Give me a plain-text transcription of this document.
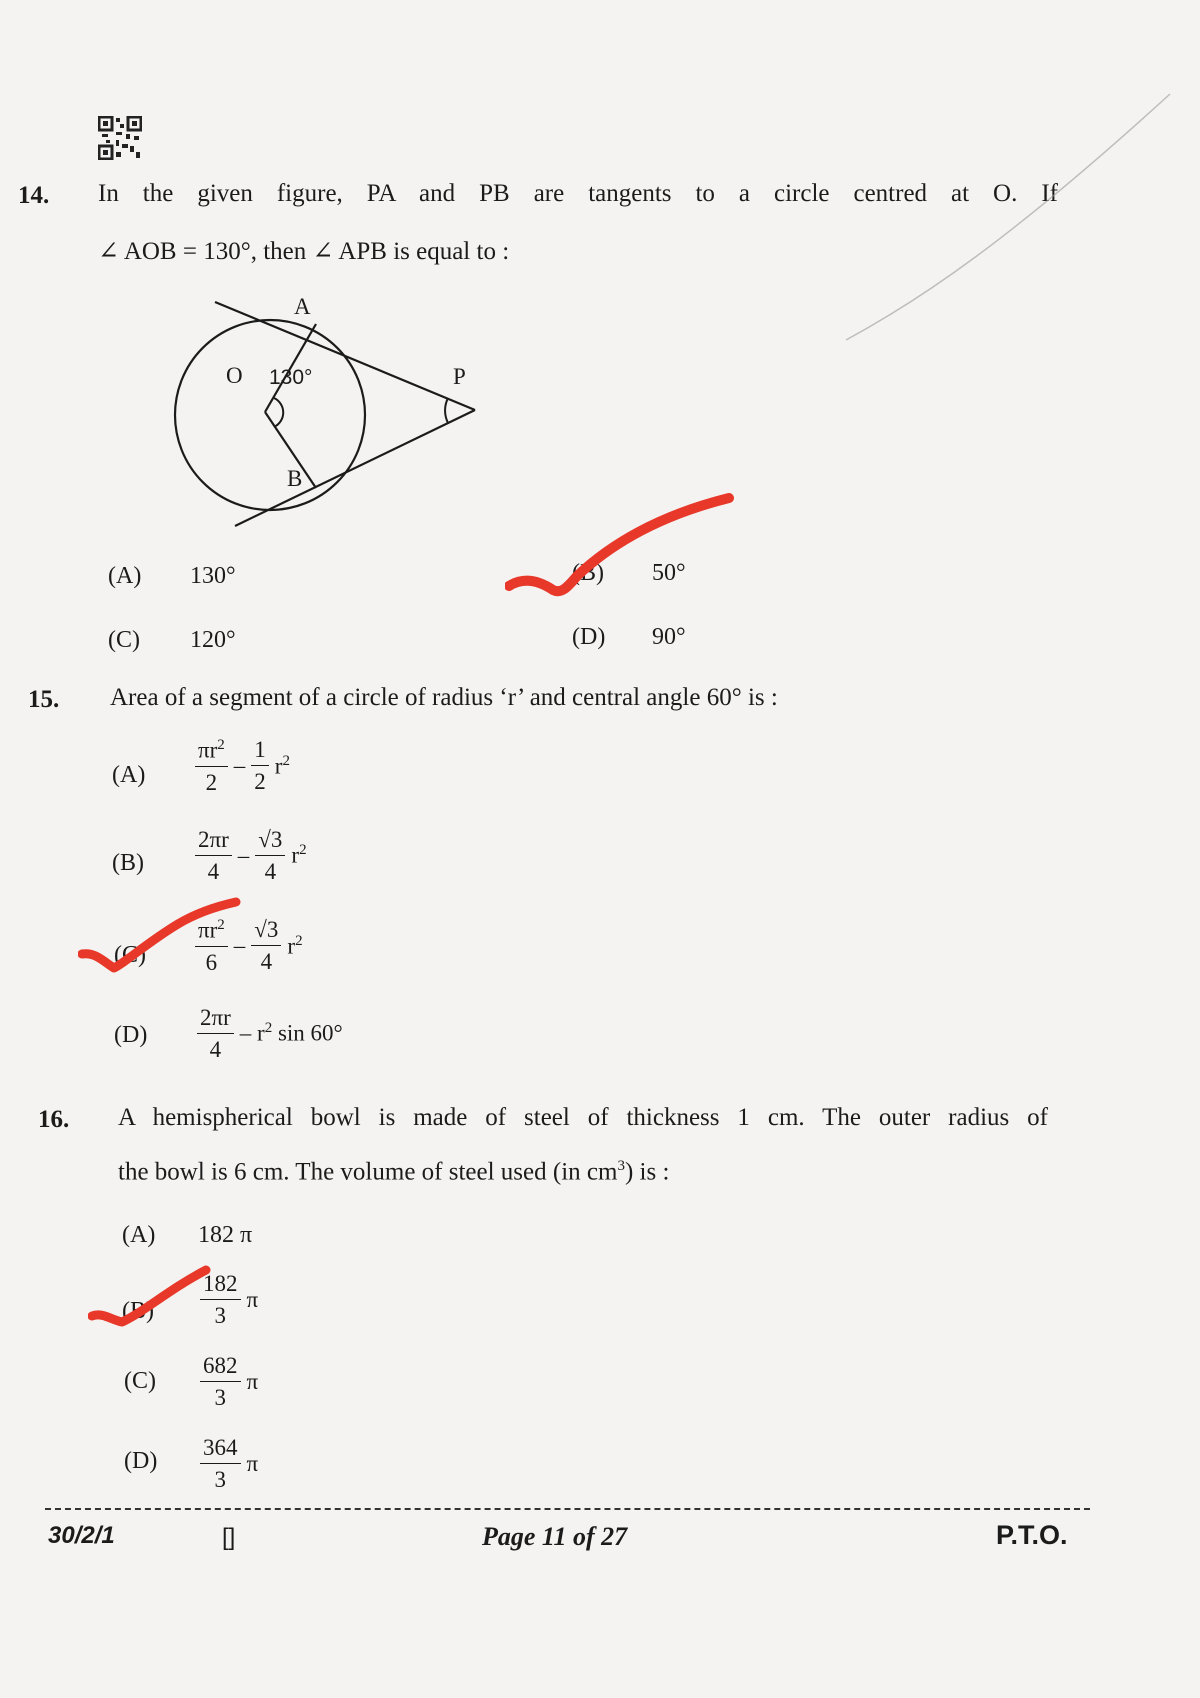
14. In the given figure, PA and PB are tangents to a circle centred at O. If
∠ AOB = 130°, then ∠ APB is equal to :
A
B
O	P
130°
(A) 130°	(B) 50°
(C) 120°	(D) 90°
15. Area of a segment of a circle of radius ‘r’ and central angle 60° is :
$(A) \frac{\pi r^2}{2} - \frac{1}{2} r^2$
$(B) \frac{2\pi r}{4} - \frac{√3}{4} r^2$
$(C) \frac{\pi r^2}{6} - \frac{√3}{4} r^2$
$(D) \frac{2\pi r}{4} - r^2$ sin 60°
16. A hemispherical bowl is made of steel of thickness 1 cm. The outer radius of
the bowl is 6 cm. The volume of steel used (in $cm^3$) is :
(A) 182 π
$(B) \frac{182}{3}$ π
$(C) \frac{682}{3}$ π
$(D) \frac{364}{3}$ π
30/2/1	[]	Page 11 of 27	P.T.O.
